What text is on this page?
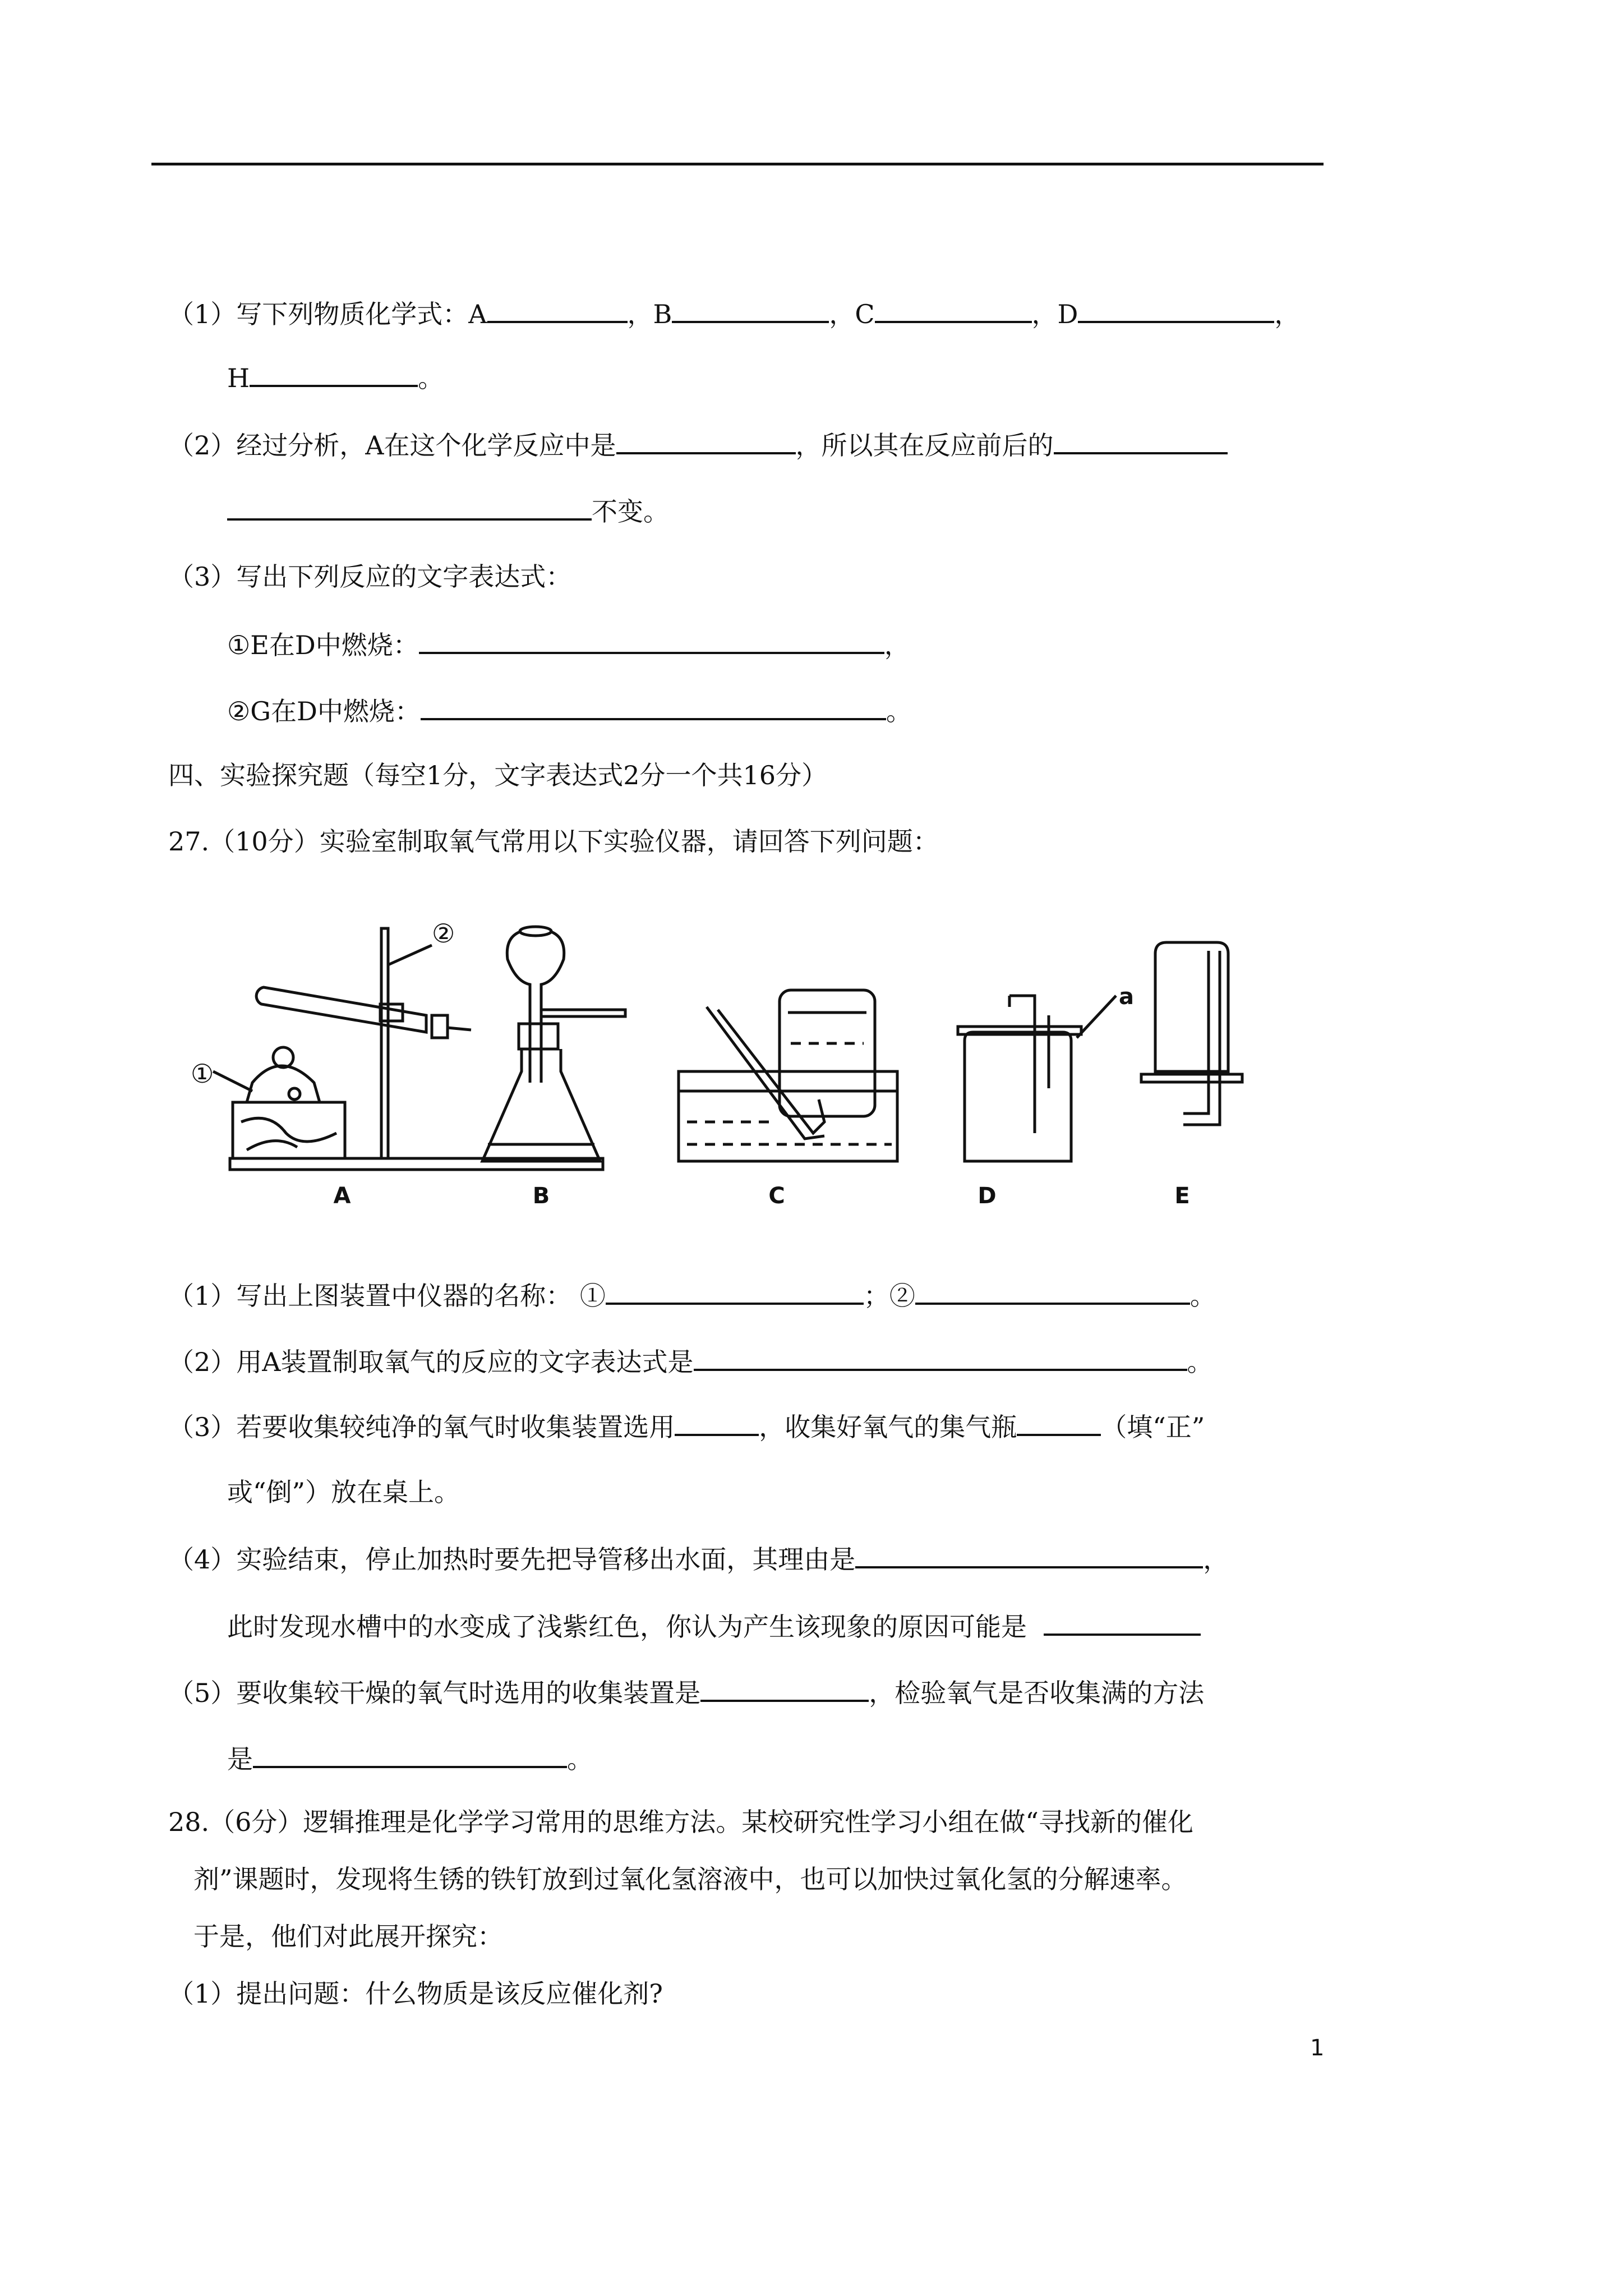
（1）写下列物质化学式：A	，B	，C	，D	，
H	。
（2）经过分析，A在这个化学反应中是	，所以其在反应前后的
不变。
（3）写出下列反应的文字表达式：
①E在D中燃烧：	，
②G在D中燃烧：	。
四、实验探究题（每空1分，文字表达式2分一个共16分）
27.（10分）实验室制取氧气常用以下实验仪器，请回答下列问题：
①
②
a
A	B	C	D	E
（1）写出上图装置中仪器的名称： ①	；②	。
（2）用A装置制取氧气的反应的文字表达式是	。
（3）若要收集较纯净的氧气时收集装置选用	，收集好氧气的集气瓶	（填“正”
或“倒”）放在桌上。
（4）实验结束，停止加热时要先把导管移出水面，其理由是	，
此时发现水槽中的水变成了浅紫红色，你认为产生该现象的原因可能是
（5）要收集较干燥的氧气时选用的收集装置是	，检验氧气是否收集满的方法
是	。
28.（6分）逻辑推理是化学学习常用的思维方法。某校研究性学习小组在做“寻找新的催化
剂”课题时，发现将生锈的铁钉放到过氧化氢溶液中，也可以加快过氧化氢的分解速率。
于是，他们对此展开探究：
（1）提出问题：什么物质是该反应催化剂?
1
